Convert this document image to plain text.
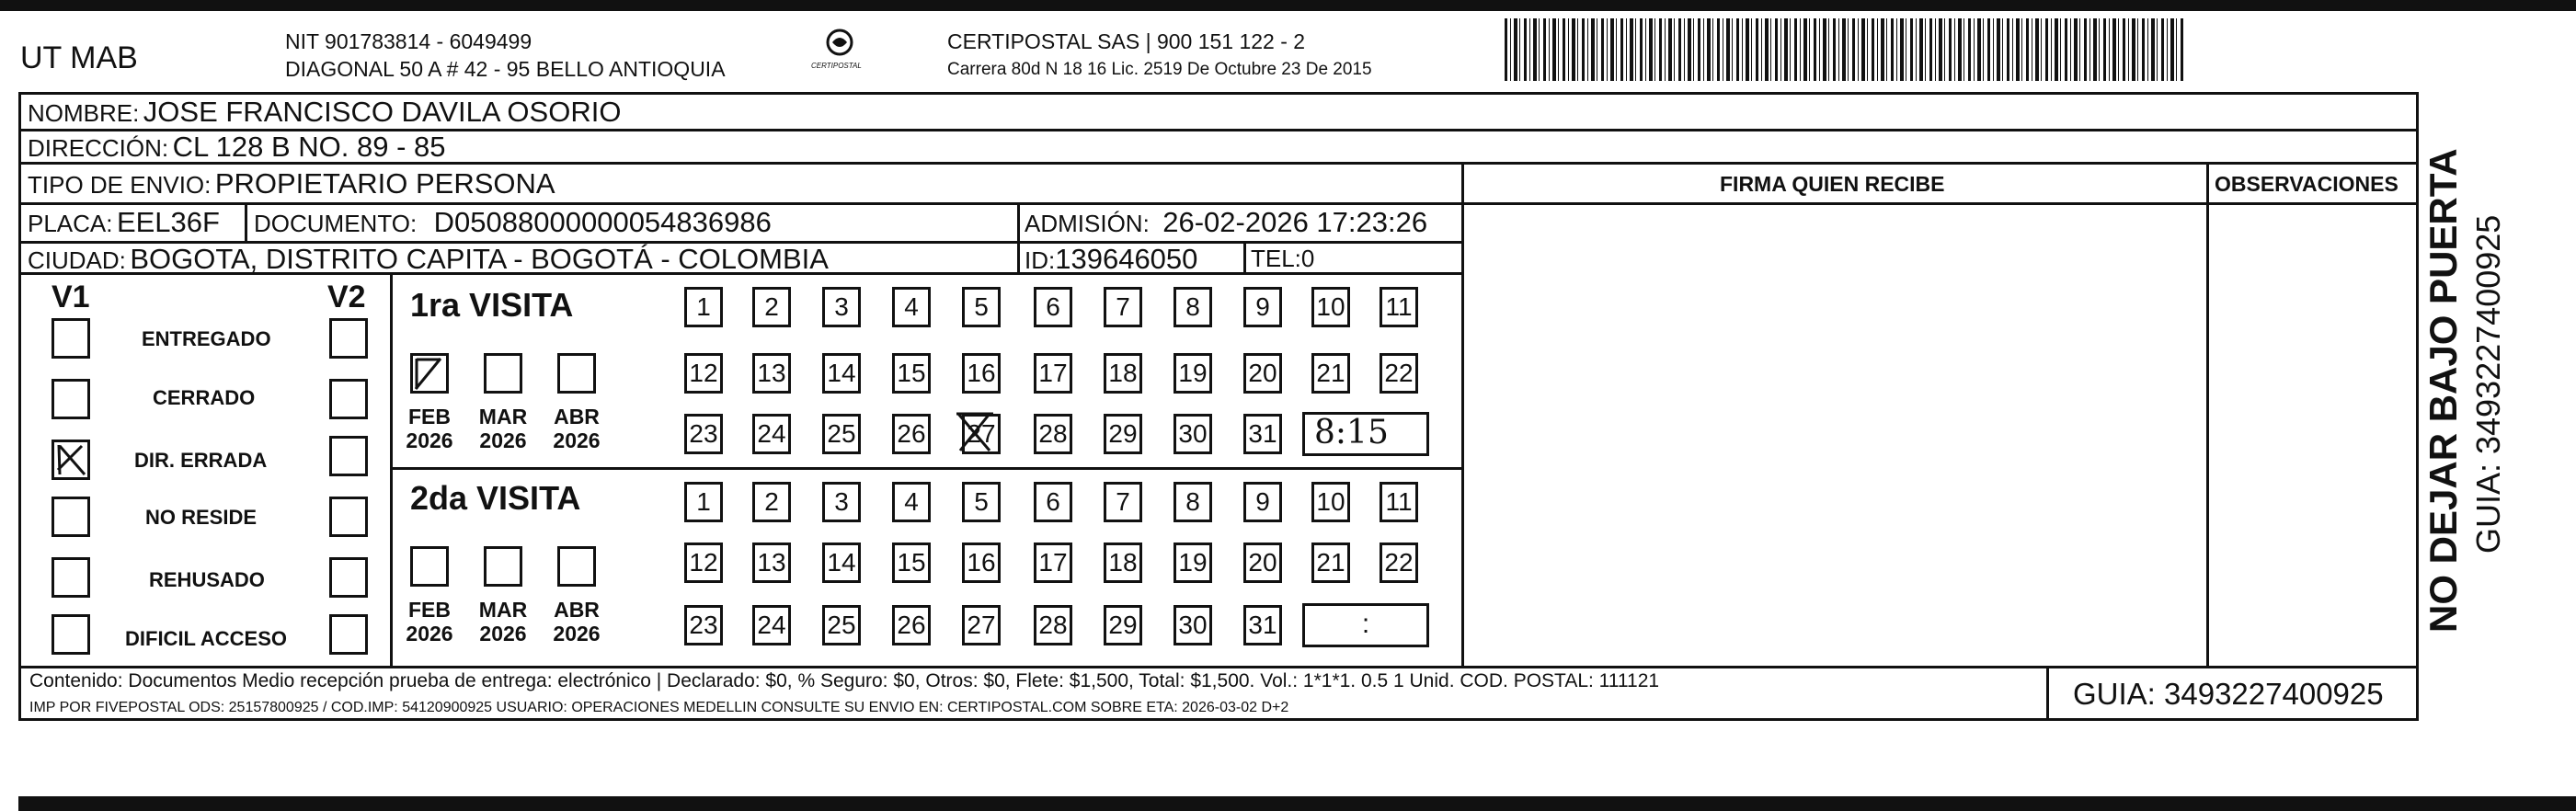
UT MAB	NIT 901783814 - 6049499
DIAGONAL 50 A # 42 - 95 BELLO ANTIOQUIA	CERTIPOSTAL
CERTIPOSTAL SAS | 900 151 122 - 2
Carrera 80d N 18 16 Lic. 2519 De Octubre 23 De 2015
NOMBRE: JOSE FRANCISCO DAVILA OSORIO
DIRECCIÓN: CL 128 B NO. 89 - 85
TIPO DE ENVIO: PROPIETARIO PERSONA
PLACA: EEL36F DOCUMENTO: D05088000000054836986	ADMISIÓN: 26-02-2026 17:23:26
CIUDAD: BOGOTA, DISTRITO CAPITA - BOGOTÁ - COLOMBIA	ID:139646050 TEL:0
FIRMA QUIEN RECIBE	OBSERVACIONES
V1	V2
ENTREGADO
CERRADO
DIR. ERRADA
NO RESIDE
REHUSADO
DIFICIL ACCESO
1ra VISITA
FEB
2026
MAR
2026
ABR
2026
1 2 3 4 5 6 7 8 9 10 11
12 13 14 15 16 17 18 19 20 21 22
23 24 25 26 27 28 29 30 31	8:15
2da VISITA
FEB
2026
MAR
2026
ABR
2026
1 2 3 4 5 6 7 8 9 10 11
12 13 14 15 16 17 18 19 20 21 22
23 24 25 26 27 28 29 30 31	:
Contenido: Documentos Medio recepción prueba de entrega: electrónico | Declarado: $0, % Seguro: $0, Otros: $0, Flete: $1,500, Total: $1,500. Vol.: 1*1*1. 0.5 1 Unid. COD. POSTAL: 111121
IMP POR FIVEPOSTAL ODS: 25157800925 / COD.IMP: 54120900925 USUARIO: OPERACIONES MEDELLIN CONSULTE SU ENVIO EN: CERTIPOSTAL.COM SOBRE ETA: 2026-03-02 D+2	GUIA: 3493227400925
NO DEJAR BAJO PUERTA GUIA: 3493227400925
